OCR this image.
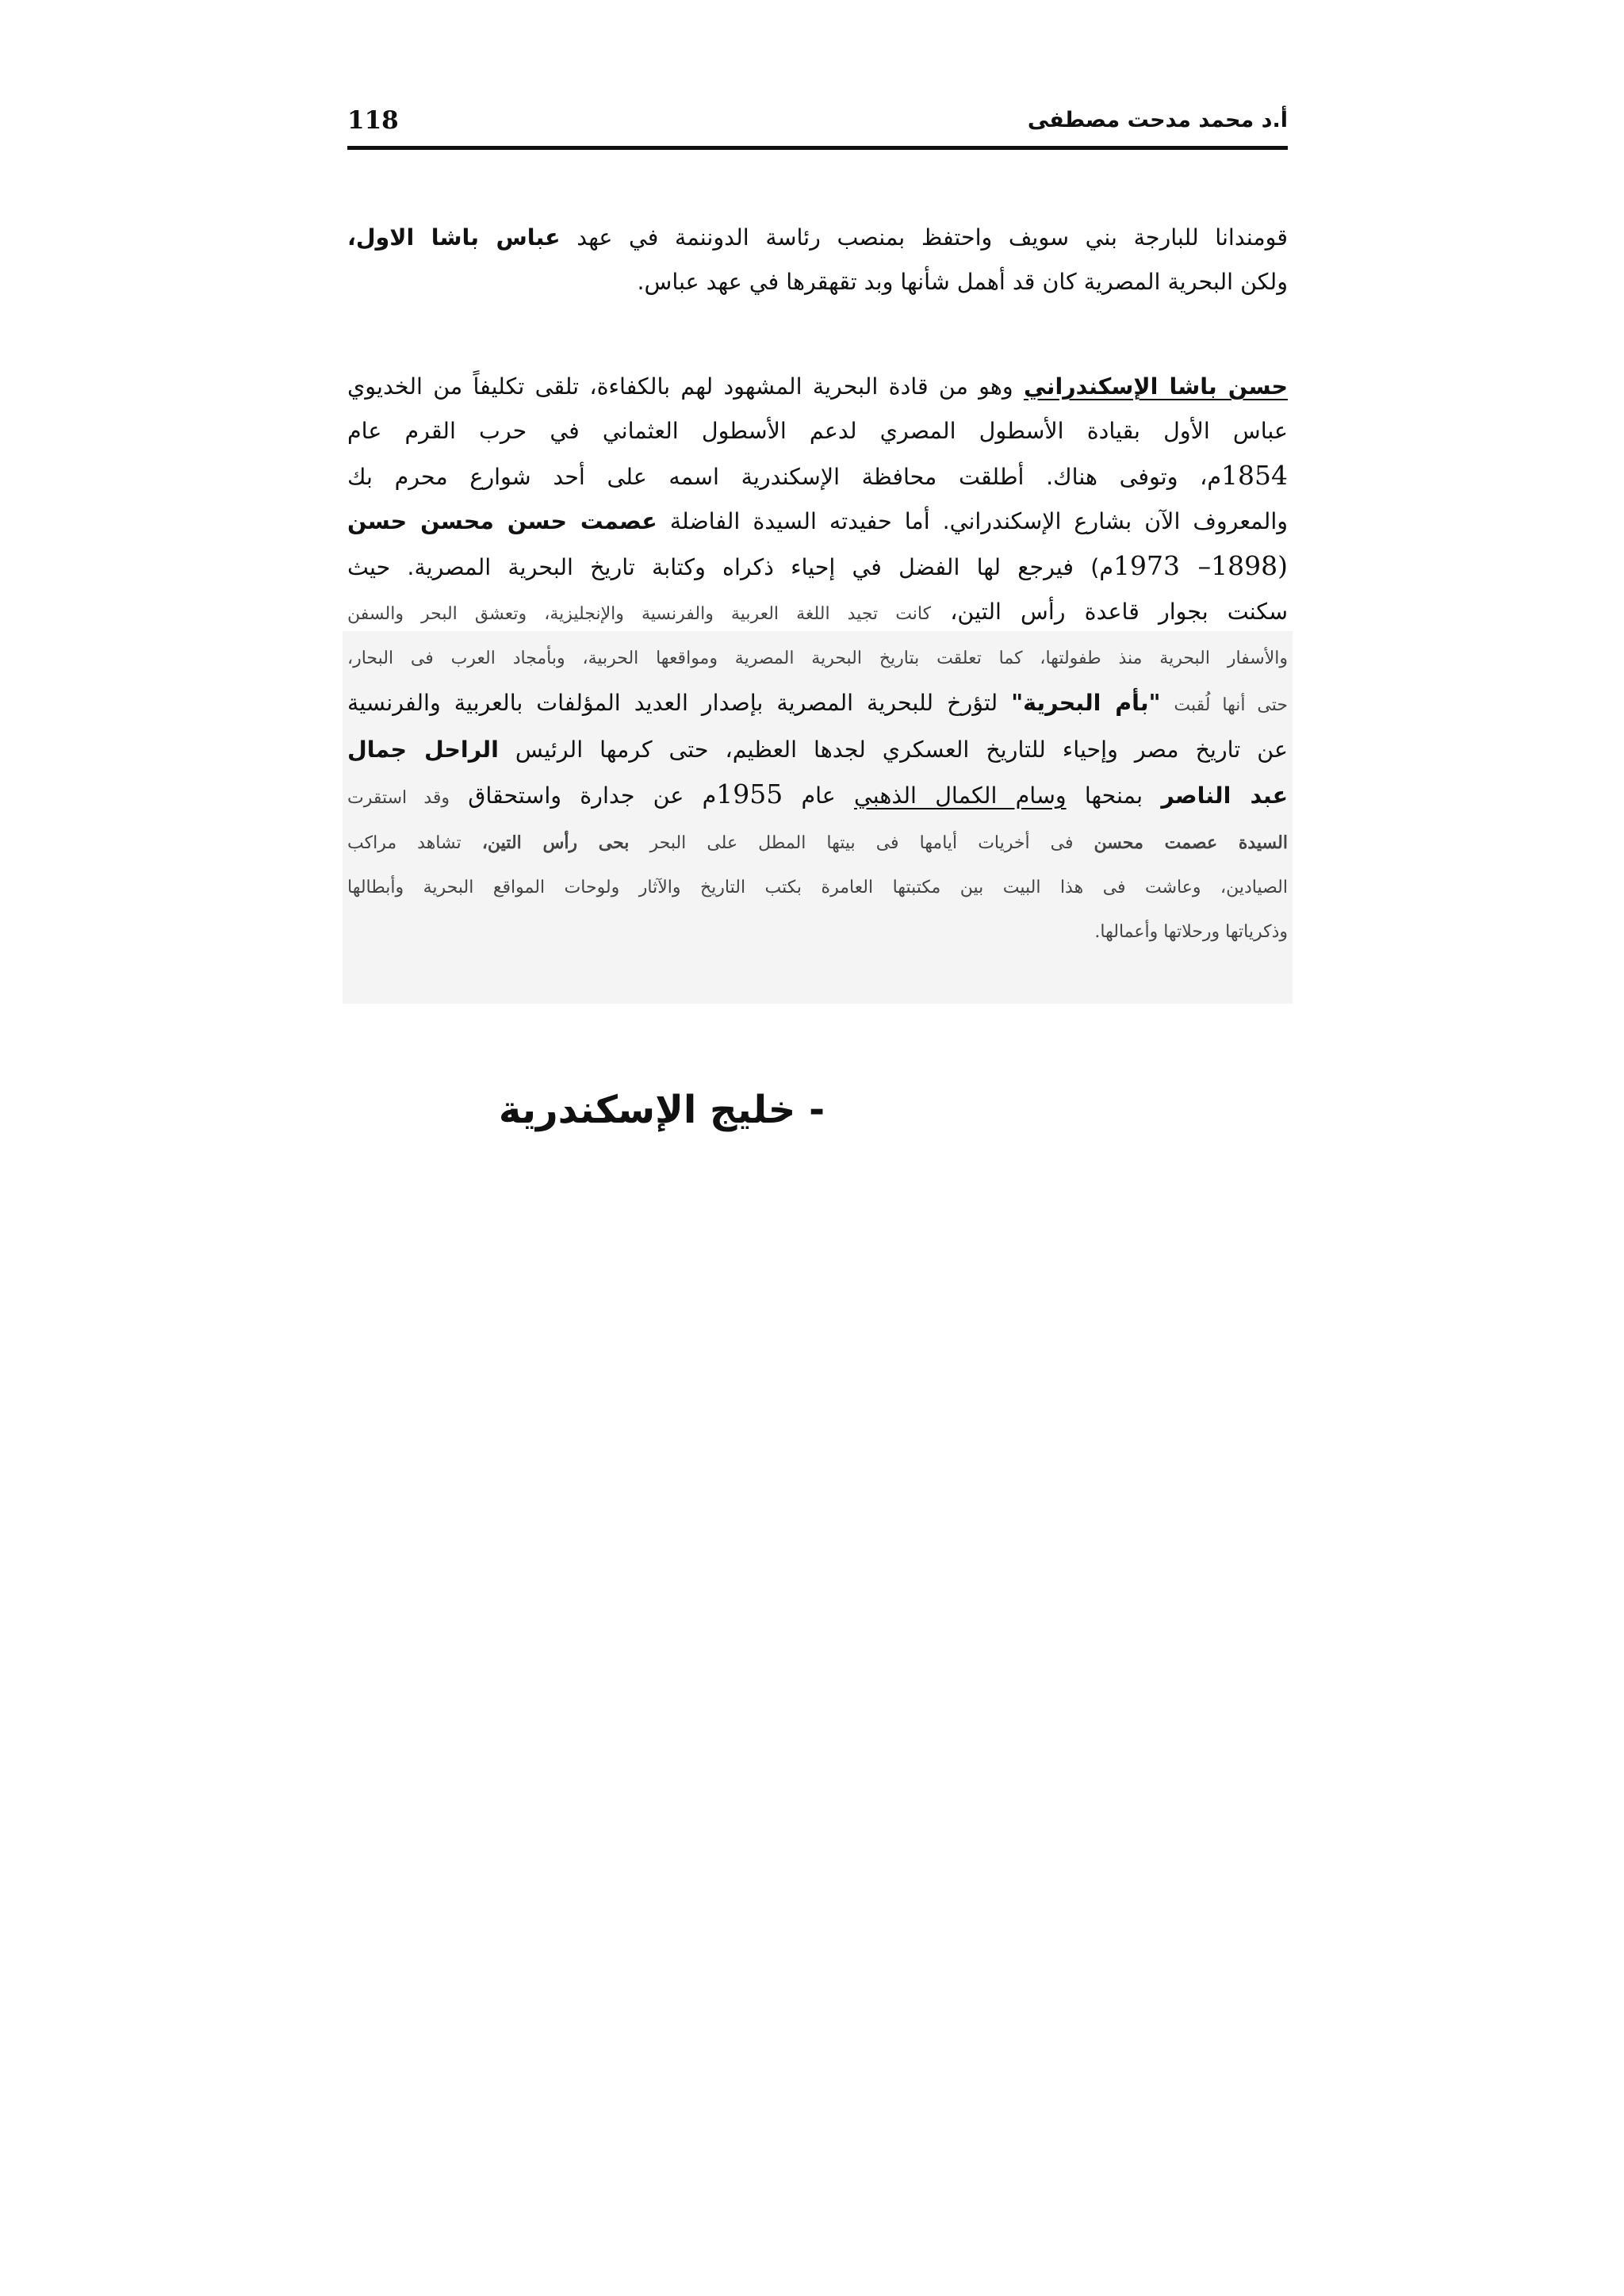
118	أ.د محمد مدحت مصطفى
قومندانا للبارجة بني سويف واحتفظ بمنصب رئاسة الدوننمة في عهد عباس باشا الاول،
ولكن البحرية المصرية كان قد أهمل شأنها وبد تقهقرها في عهد عباس.
حسن باشا الإسكندراني وهو من قادة البحرية المشهود لهم بالكفاءة، تلقى تكليفاً من الخديوي
عباس الأول بقيادة الأسطول المصري لدعم الأسطول العثماني في حرب القرم عام
1854م، وتوفى هناك. أطلقت محافظة الإسكندرية اسمه على أحد شوارع محرم بك
والمعروف الآن بشارع الإسكندراني. أما حفيدته السيدة الفاضلة عصمت حسن محسن حسن
(1898– 1973م) فيرجع لها الفضل في إحياء ذكراه وكتابة تاريخ البحرية المصرية. حيث
سكنت بجوار قاعدة رأس التين، كانت تجيد اللغة العربية والفرنسية والإنجليزية، وتعشق البحر والسفن
والأسفار البحرية منذ طفولتها، كما تعلقت بتاريخ البحرية المصرية ومواقعها الحربية، وبأمجاد العرب فى البحار،
حتى أنها لُقبت "بأم البحرية" لتؤرخ للبحرية المصرية بإصدار العديد المؤلفات بالعربية والفرنسية
عن تاريخ مصر وإحياء للتاريخ العسكري لجدها العظيم، حتى كرمها الرئيس الراحل جمال
عبد الناصر بمنحها وسام الكمال الذهبي عام 1955م عن جدارة واستحقاق وقد استقرت
السيدة عصمت محسن فى أخريات أيامها فى بيتها المطل على البحر بحى رأس التين، تشاهد مراكب
الصيادين، وعاشت فى هذا البيت بين مكتبتها العامرة بكتب التاريخ والآثار ولوحات المواقع البحرية وأبطالها
وذكرياتها ورحلاتها وأعمالها.
- خليج الإسكندرية
